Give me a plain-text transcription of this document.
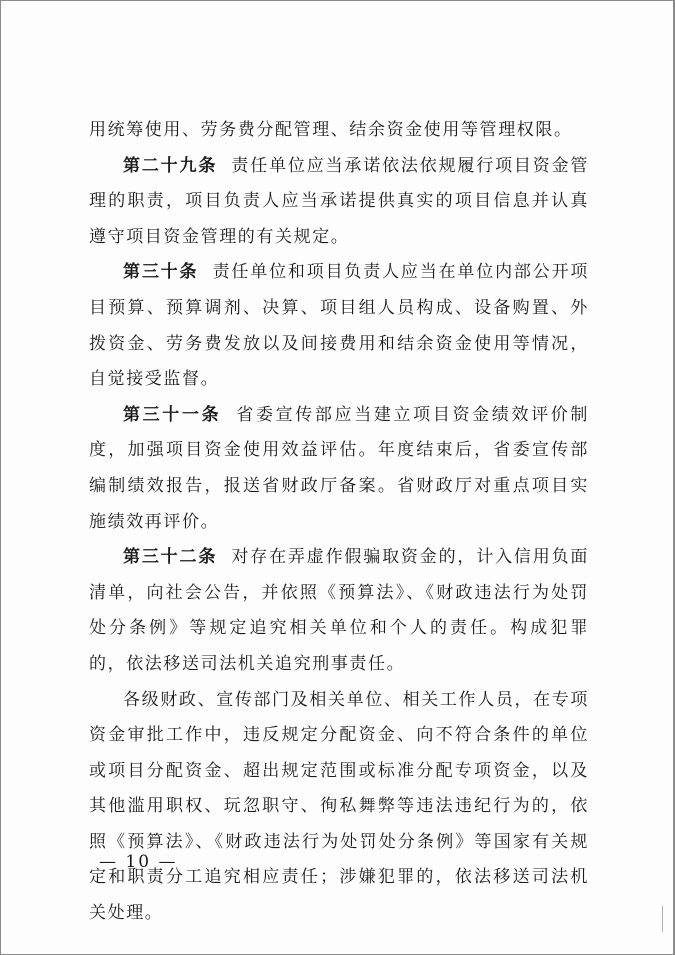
用统筹使用、劳务费分配管理、结余资金使用等管理权限。

第二十九条 责任单位应当承诺依法依规履行项目资金管理的职责，项目负责人应当承诺提供真实的项目信息并认真遵守项目资金管理的有关规定。

第三十条 责任单位和项目负责人应当在单位内部公开项目预算、预算调剂、决算、项目组人员构成、设备购置、外拨资金、劳务费发放以及间接费用和结余资金使用等情况，自觉接受监督。

第三十一条 省委宣传部应当建立项目资金绩效评价制度，加强项目资金使用效益评估。年度结束后，省委宣传部编制绩效报告，报送省财政厅备案。省财政厅对重点项目实施绩效再评价。

第三十二条 对存在弄虚作假骗取资金的，计入信用负面清单，向社会公告，并依照《预算法》、《财政违法行为处罚处分条例》等规定追究相关单位和个人的责任。构成犯罪的，依法移送司法机关追究刑事责任。

各级财政、宣传部门及相关单位、相关工作人员，在专项资金审批工作中，违反规定分配资金、向不符合条件的单位或项目分配资金、超出规定范围或标准分配专项资金，以及其他滥用职权、玩忽职守、徇私舞弊等违法违纪行为的，依照《预算法》、《财政违法行为处罚处分条例》等国家有关规定和职责分工追究相应责任；涉嫌犯罪的，依法移送司法机关处理。

— 10 —
